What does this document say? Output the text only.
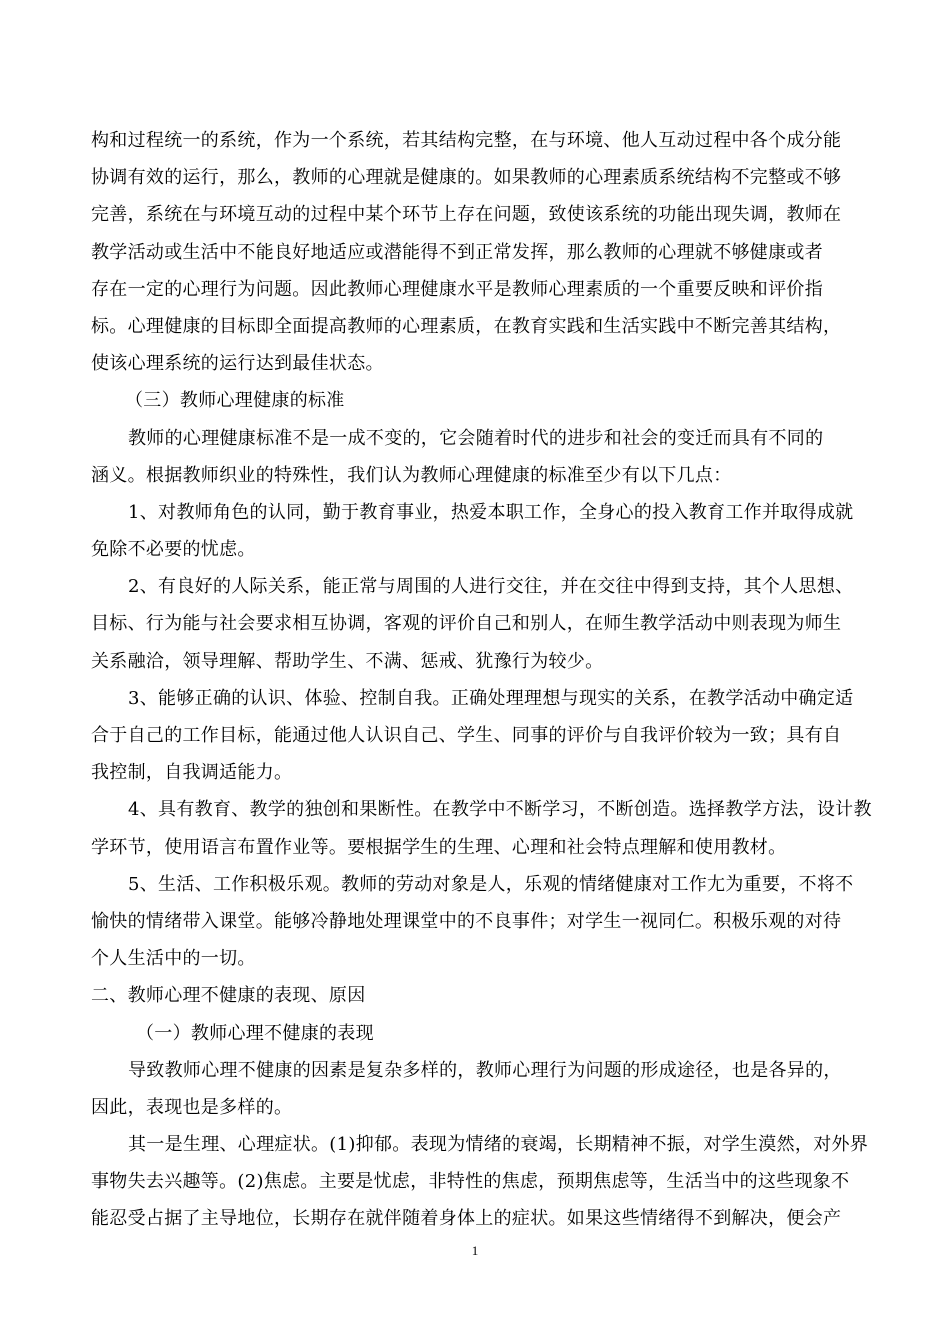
构和过程统一的系统，作为一个系统，若其结构完整，在与环境、他人互动过程中各个成分能
协调有效的运行，那么，教师的心理就是健康的。如果教师的心理素质系统结构不完整或不够
完善，系统在与环境互动的过程中某个环节上存在问题，致使该系统的功能出现失调，教师在
教学活动或生活中不能良好地适应或潜能得不到正常发挥，那么教师的心理就不够健康或者
存在一定的心理行为问题。因此教师心理健康水平是教师心理素质的一个重要反映和评价指
标。心理健康的目标即全面提高教师的心理素质，在教育实践和生活实践中不断完善其结构，
使该心理系统的运行达到最佳状态。
（三）教师心理健康的标准
教师的心理健康标准不是一成不变的，它会随着时代的进步和社会的变迁而具有不同的
涵义。根据教师织业的特殊性，我们认为教师心理健康的标准至少有以下几点：
1、对教师角色的认同，勤于教育事业，热爱本职工作，全身心的投入教育工作并取得成就
免除不必要的忧虑。
2、有良好的人际关系，能正常与周围的人进行交往，并在交往中得到支持，其个人思想、
目标、行为能与社会要求相互协调，客观的评价自己和别人，在师生教学活动中则表现为师生
关系融洽，领导理解、帮助学生、不满、惩戒、犹豫行为较少。
3、能够正确的认识、体验、控制自我。正确处理理想与现实的关系，在教学活动中确定适
合于自己的工作目标，能通过他人认识自己、学生、同事的评价与自我评价较为一致；具有自
我控制，自我调适能力。
4、具有教育、教学的独创和果断性。在教学中不断学习，不断创造。选择教学方法，设计教
学环节，使用语言布置作业等。要根据学生的生理、心理和社会特点理解和使用教材。
5、生活、工作积极乐观。教师的劳动对象是人，乐观的情绪健康对工作尢为重要，不将不
愉快的情绪带入课堂。能够冷静地处理课堂中的不良事件；对学生一视同仁。积极乐观的对待
个人生活中的一切。
二、教师心理不健康的表现、原因
（一）教师心理不健康的表现
导致教师心理不健康的因素是复杂多样的，教师心理行为问题的形成途径，也是各异的，
因此，表现也是多样的。
其一是生理、心理症状。(1)抑郁。表现为情绪的衰竭，长期精神不振，对学生漠然，对外界
事物失去兴趣等。(2)焦虑。主要是忧虑，非特性的焦虑，预期焦虑等，生活当中的这些现象不
能忍受占据了主导地位，长期存在就伴随着身体上的症状。如果这些情绪得不到解决，便会产
1
